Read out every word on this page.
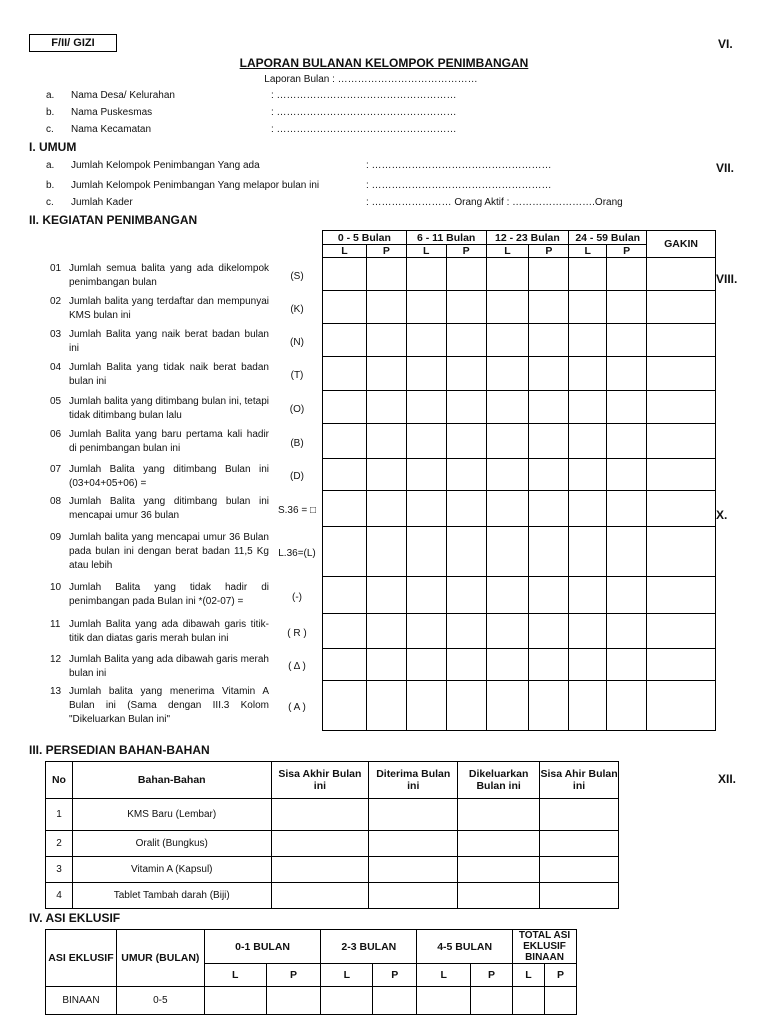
F/II/ GIZI
LAPORAN BULANAN KELOMPOK PENIMBANGAN
Laporan Bulan : ……………………………………
VI.
VII.
VIII.
X.
XII.
a. Nama Desa/ Kelurahan	: ………………………………………………
b. Nama Puskesmas	: ………………………………………………
c. Nama Kecamatan	: ………………………………………………
I. UMUM
a. Jumlah Kelompok Penimbangan Yang ada	: ………………………………………………
b. Jumlah Kelompok Penimbangan Yang melapor bulan ini	: ………………………………………………
c. Jumlah Kader	: …………………… Orang Aktif : …………………….Orang
II. KEGIATAN PENIMBANGAN
01 Jumlah semua balita yang ada dikelompok penimbangan bulan
(S)
02 Jumlah balita yang terdaftar dan mempunyai KMS bulan ini
(K)
03 Jumlah Balita yang naik berat badan bulan ini
(N)
04 Jumlah Balita yang tidak naik berat badan bulan ini
(T)
05 Jumlah balita yang ditimbang bulan ini, tetapi tidak ditimbang bulan lalu
(O)
06 Jumlah Balita yang baru pertama kali hadir di penimbangan bulan ini	(B)
07 Jumlah Balita yang ditimbang Bulan ini (03+04+05+06) =
(D)
08 Jumlah Balita yang ditimbang bulan ini mencapai umur 36 bulan	S.36 = □
09 Jumlah balita yang mencapai umur 36 Bulan pada bulan ini dengan berat badan 11,5 Kg atau lebih
L.36=(L)
10 Jumlah Balita yang tidak hadir di penimbangan pada Bulan ini *(02-07) =	(-)
11 Jumlah Balita yang ada dibawah garis titik-titik dan diatas garis merah bulan ini	( R )
12 Jumlah Balita yang ada dibawah garis merah bulan ini
( Δ )
13 Jumlah balita yang menerima Vitamin A Bulan ini (Sama dengan III.3 Kolom "Dikeluarkan Bulan ini"
( A )
0 - 5 Bulan		6 - 11 Bulan		12 - 23 Bulan		24 - 59 Bulan		GAKIN
L	P	L	P	L	P	L	P	

III. PERSEDIAN BAHAN-BAHAN
No	Bahan-Bahan	Sisa Akhir Bulan ini	Diterima Bulan ini	Dikeluarkan Bulan ini	Sisa Ahir Bulan ini
1	KMS Baru (Lembar)				
2	Oralit (Bungkus)				
3	Vitamin A (Kapsul)				
4	Tablet Tambah darah (Biji)				
IV. ASI EKLUSIF
ASI EKLUSIF	UMUR (BULAN)	0-1 BULAN		2-3 BULAN		4-5 BULAN		TOTAL ASI EKLUSIF BINAAN	
		L	P	L	P	L	P	L	P
BINAAN	0-5								
